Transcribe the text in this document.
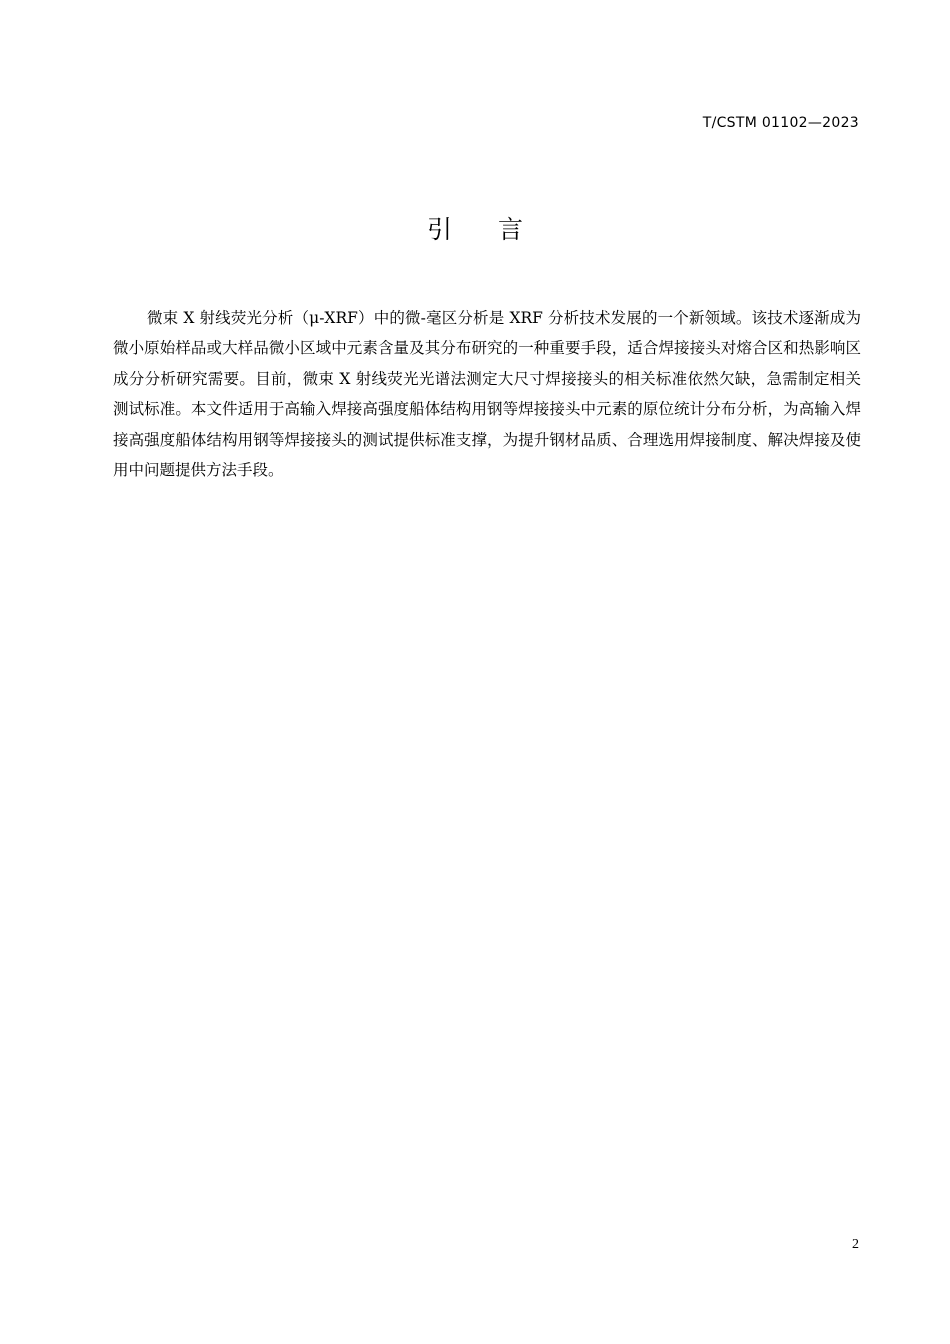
T/CSTM 01102—2023
引言

微束 X 射线荧光分析（μ-XRF）中的微-毫区分析是 XRF 分析技术发展的一个新领域。该技术逐渐成为微小原始样品或大样品微小区域中元素含量及其分布研究的一种重要手段，适合焊接接头对熔合区和热影响区成分分析研究需要。目前，微束 X 射线荧光光谱法测定大尺寸焊接接头的相关标准依然欠缺，急需制定相关测试标准。本文件适用于高输入焊接高强度船体结构用钢等焊接接头中元素的原位统计分布分析，为高输入焊接高强度船体结构用钢等焊接接头的测试提供标准支撑，为提升钢材品质、合理选用焊接制度、解决焊接及使用中问题提供方法手段。

2
